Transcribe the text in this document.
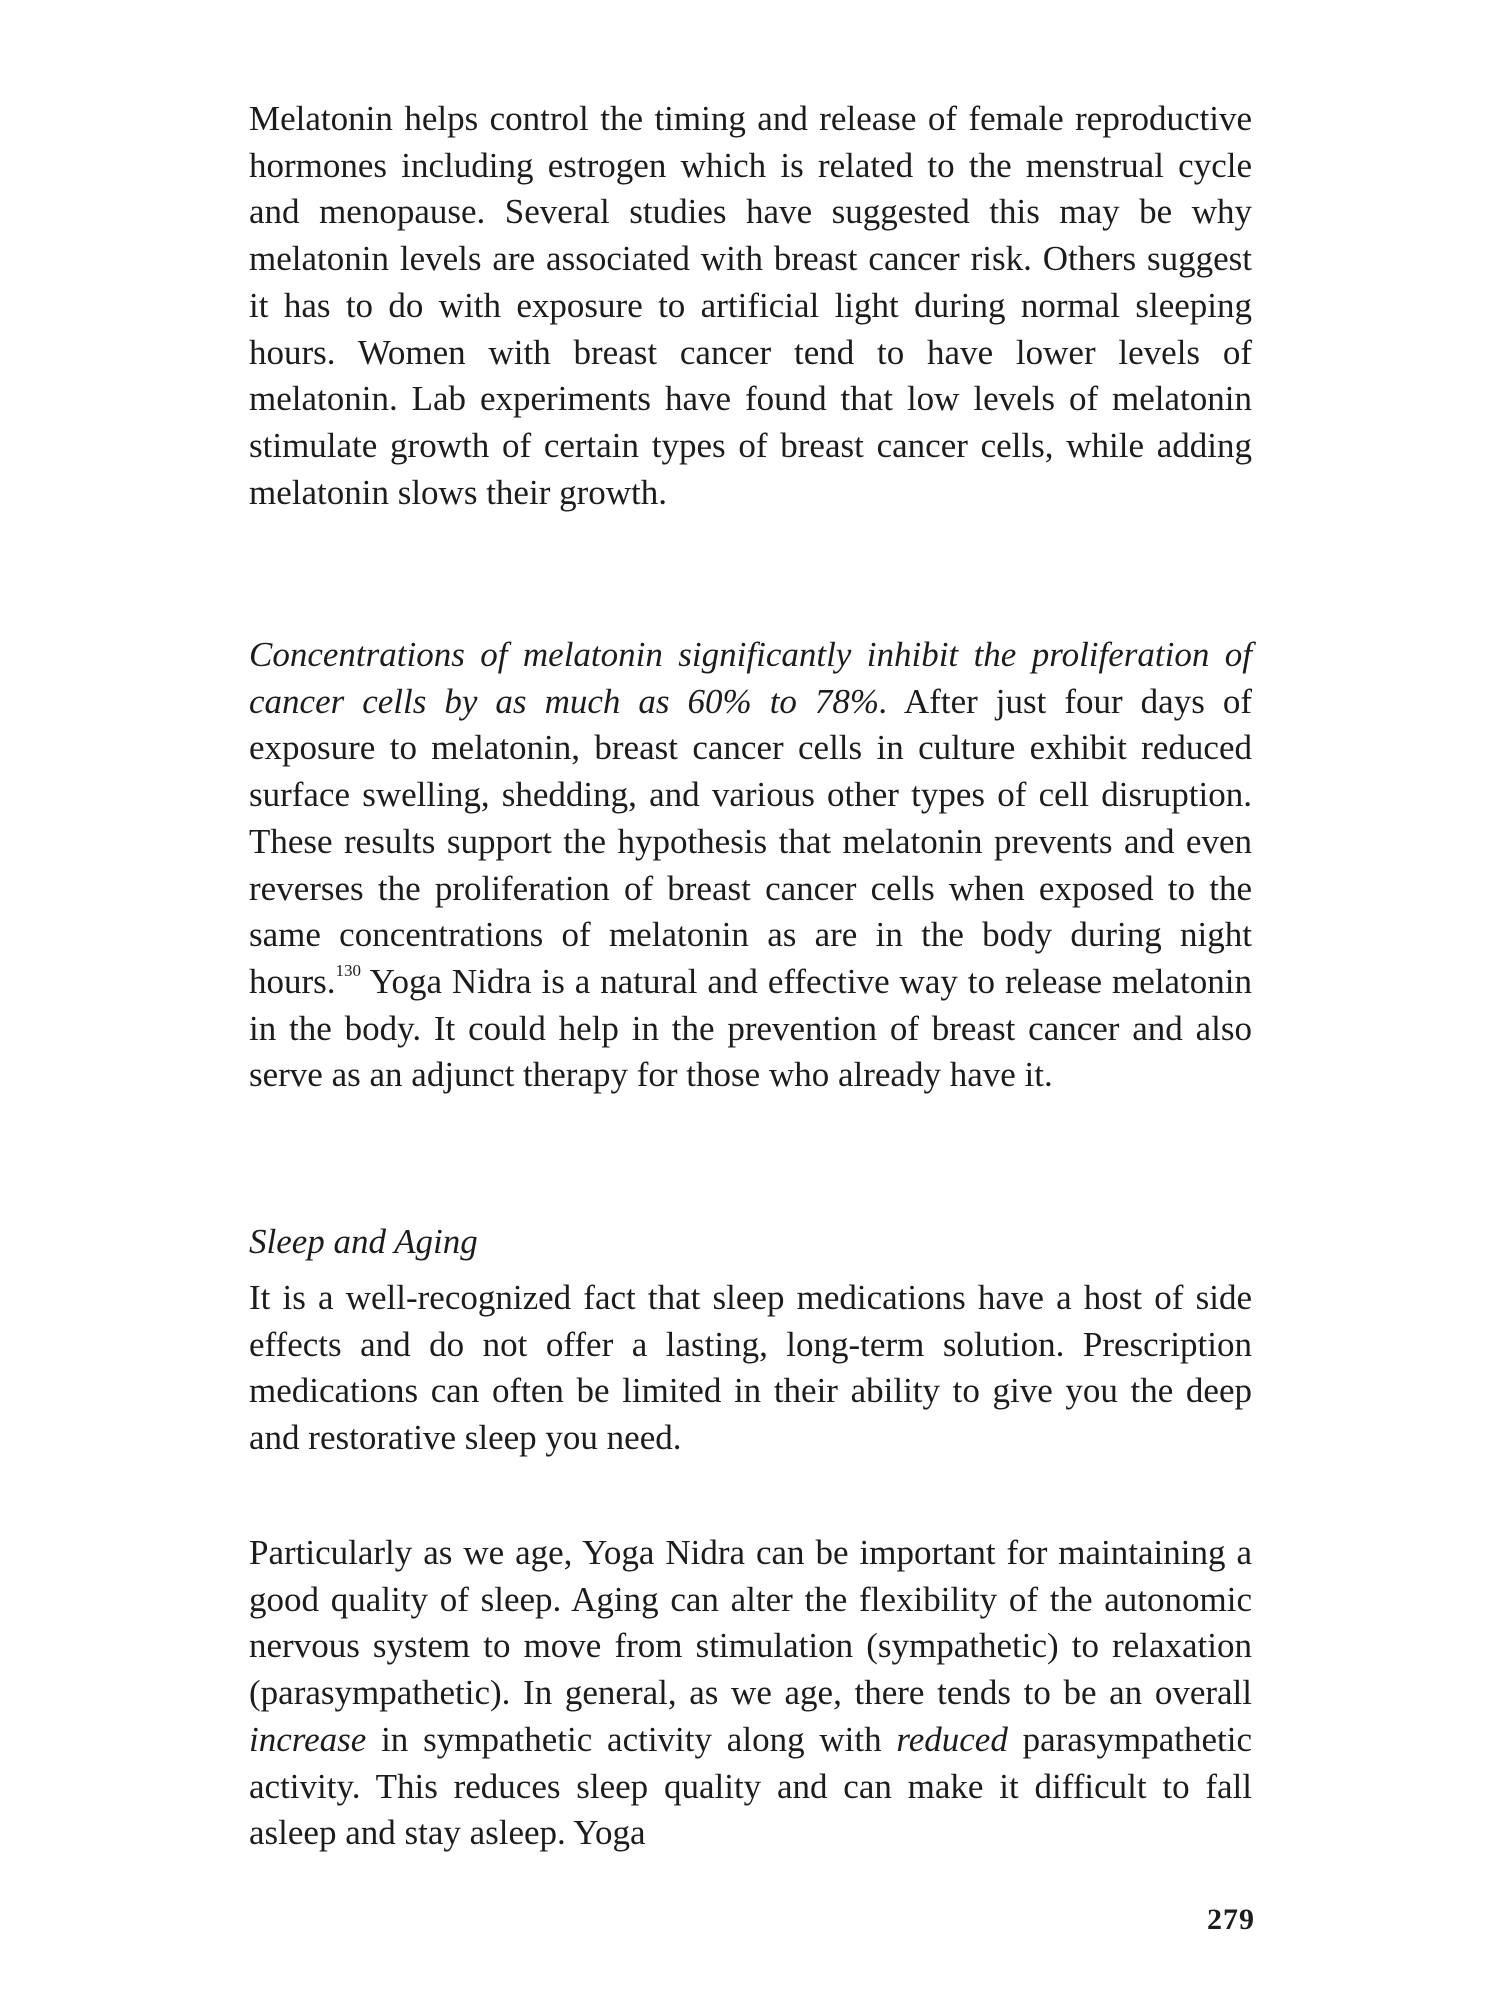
Melatonin helps control the timing and release of female reproductive hormones including estrogen which is related to the menstrual cycle and menopause. Several studies have suggested this may be why melatonin levels are associated with breast cancer risk. Others suggest it has to do with exposure to artificial light during normal sleeping hours. Women with breast cancer tend to have lower levels of melatonin. Lab experiments have found that low levels of melatonin stimulate growth of certain types of breast cancer cells, while adding melatonin slows their growth.

Concentrations of melatonin significantly inhibit the proliferation of cancer cells by as much as 60% to 78%. After just four days of exposure to melatonin, breast cancer cells in culture exhibit reduced surface swelling, shedding, and various other types of cell disruption. These results support the hypothesis that melatonin prevents and even reverses the proliferation of breast cancer cells when exposed to the same concentrations of melatonin as are in the body during night hours.$^{130}$ Yoga Nidra is a natural and effective way to release melatonin in the body. It could help in the prevention of breast cancer and also serve as an adjunct therapy for those who already have it.

Sleep and Aging

It is a well-recognized fact that sleep medications have a host of side effects and do not offer a lasting, long-term solution. Prescription medications can often be limited in their ability to give you the deep and restorative sleep you need.

Particularly as we age, Yoga Nidra can be important for maintaining a good quality of sleep. Aging can alter the flexibility of the autonomic nervous system to move from stimulation (sympathetic) to relaxation (parasympathetic). In general, as we age, there tends to be an overall increase in sympathetic activity along with reduced parasympathetic activity. This reduces sleep quality and can make it difficult to fall asleep and stay asleep. Yoga

279
